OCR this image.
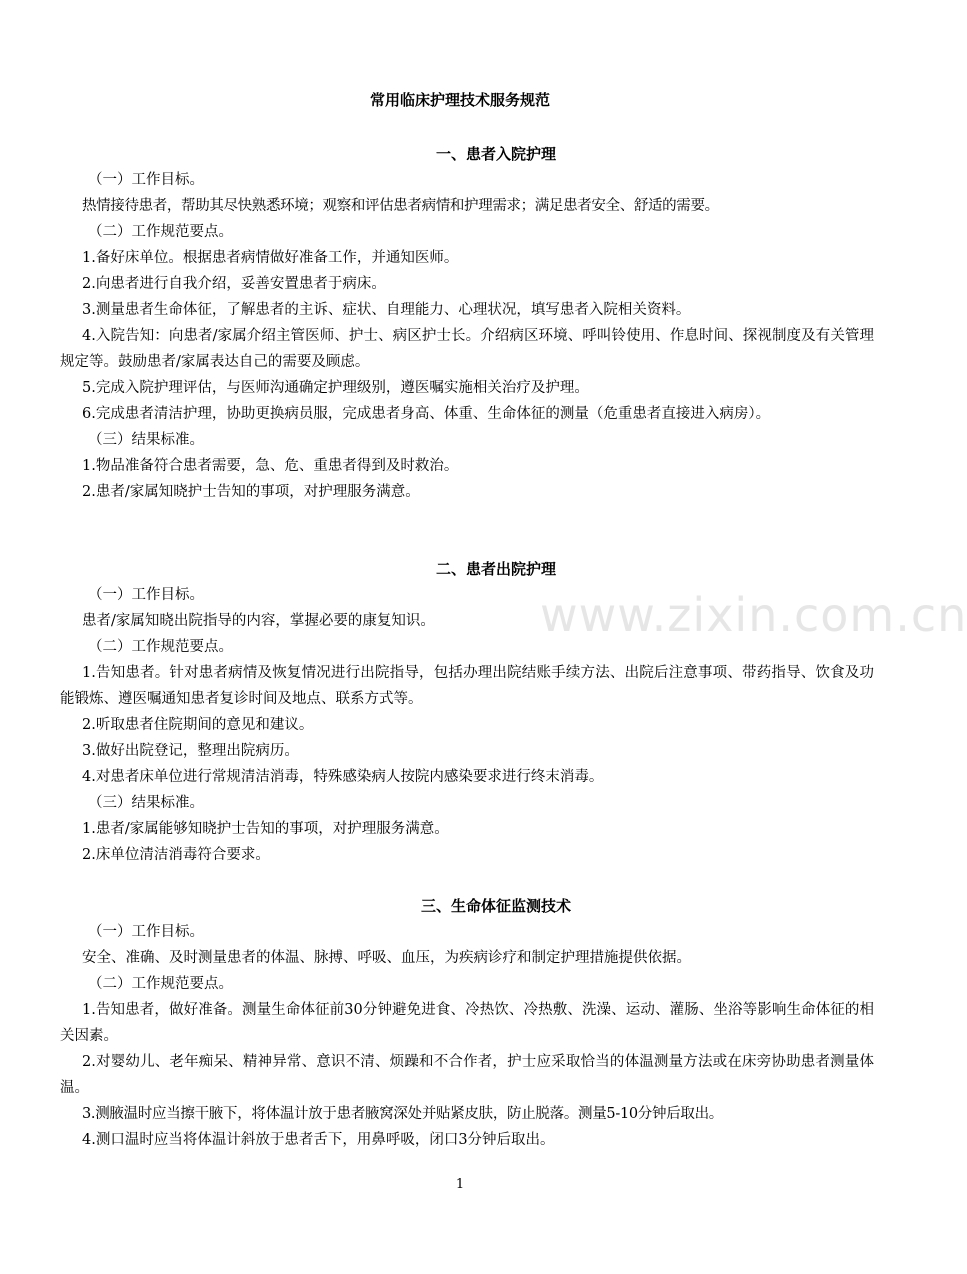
www.zixin.com.cn
常用临床护理技术服务规范
一、患者入院护理
（一）工作目标。
热情接待患者，帮助其尽快熟悉环境；观察和评估患者病情和护理需求；满足患者安全、舒适的需要。
（二）工作规范要点。
1.备好床单位。根据患者病情做好准备工作，并通知医师。
2.向患者进行自我介绍，妥善安置患者于病床。
3.测量患者生命体征，了解患者的主诉、症状、自理能力、心理状况，填写患者入院相关资料。
4.入院告知：向患者/家属介绍主管医师、护士、病区护士长。介绍病区环境、呼叫铃使用、作息时间、探视制度及有关管理规定等。鼓励患者/家属表达自己的需要及顾虑。
5.完成入院护理评估，与医师沟通确定护理级别，遵医嘱实施相关治疗及护理。
6.完成患者清洁护理，协助更换病员服，完成患者身高、体重、生命体征的测量（危重患者直接进入病房）。
（三）结果标准。
1.物品准备符合患者需要，急、危、重患者得到及时救治。
2.患者/家属知晓护士告知的事项，对护理服务满意。
二、患者出院护理
（一）工作目标。
患者/家属知晓出院指导的内容，掌握必要的康复知识。
（二）工作规范要点。
1.告知患者。针对患者病情及恢复情况进行出院指导，包括办理出院结账手续方法、出院后注意事项、带药指导、饮食及功能锻炼、遵医嘱通知患者复诊时间及地点、联系方式等。
2.听取患者住院期间的意见和建议。
3.做好出院登记，整理出院病历。
4.对患者床单位进行常规清洁消毒，特殊感染病人按院内感染要求进行终末消毒。
（三）结果标准。
1.患者/家属能够知晓护士告知的事项，对护理服务满意。
2.床单位清洁消毒符合要求。
三、生命体征监测技术
（一）工作目标。
安全、准确、及时测量患者的体温、脉搏、呼吸、血压，为疾病诊疗和制定护理措施提供依据。
（二）工作规范要点。
1.告知患者，做好准备。测量生命体征前30分钟避免进食、冷热饮、冷热敷、洗澡、运动、灌肠、坐浴等影响生命体征的相关因素。
2.对婴幼儿、老年痴呆、精神异常、意识不清、烦躁和不合作者，护士应采取恰当的体温测量方法或在床旁协助患者测量体温。
3.测腋温时应当擦干腋下，将体温计放于患者腋窝深处并贴紧皮肤，防止脱落。测量5-10分钟后取出。
4.测口温时应当将体温计斜放于患者舌下，用鼻呼吸，闭口3分钟后取出。
1
